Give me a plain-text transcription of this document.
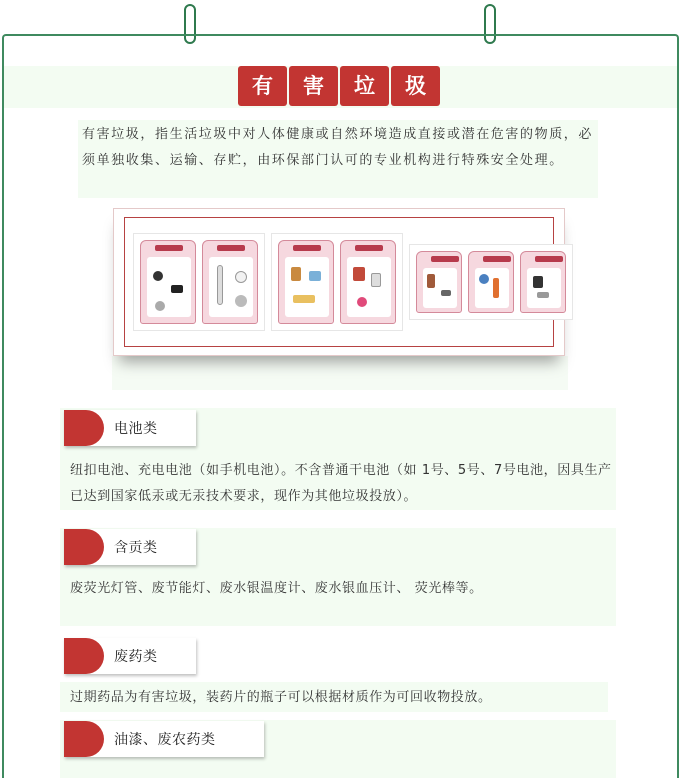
有	害	垃	圾
有害垃圾，指生活垃圾中对人体健康或自然环境造成直接或潜在危害的物质，必须单独收集、运输、存贮，由环保部门认可的专业机构进行特殊安全处理。
电池类
纽扣电池、充电电池（如手机电池）。不含普通干电池（如 1号、5号、7号电池，因具生产已达到国家低汞或无汞技术要求，现作为其他垃圾投放）。
含贡类
废荧光灯管、废节能灯、废水银温度计、废水银血压计、 荧光棒等。
废药类
过期药品为有害垃圾，装药片的瓶子可以根据材质作为可回收物投放。
油漆、废农药类
